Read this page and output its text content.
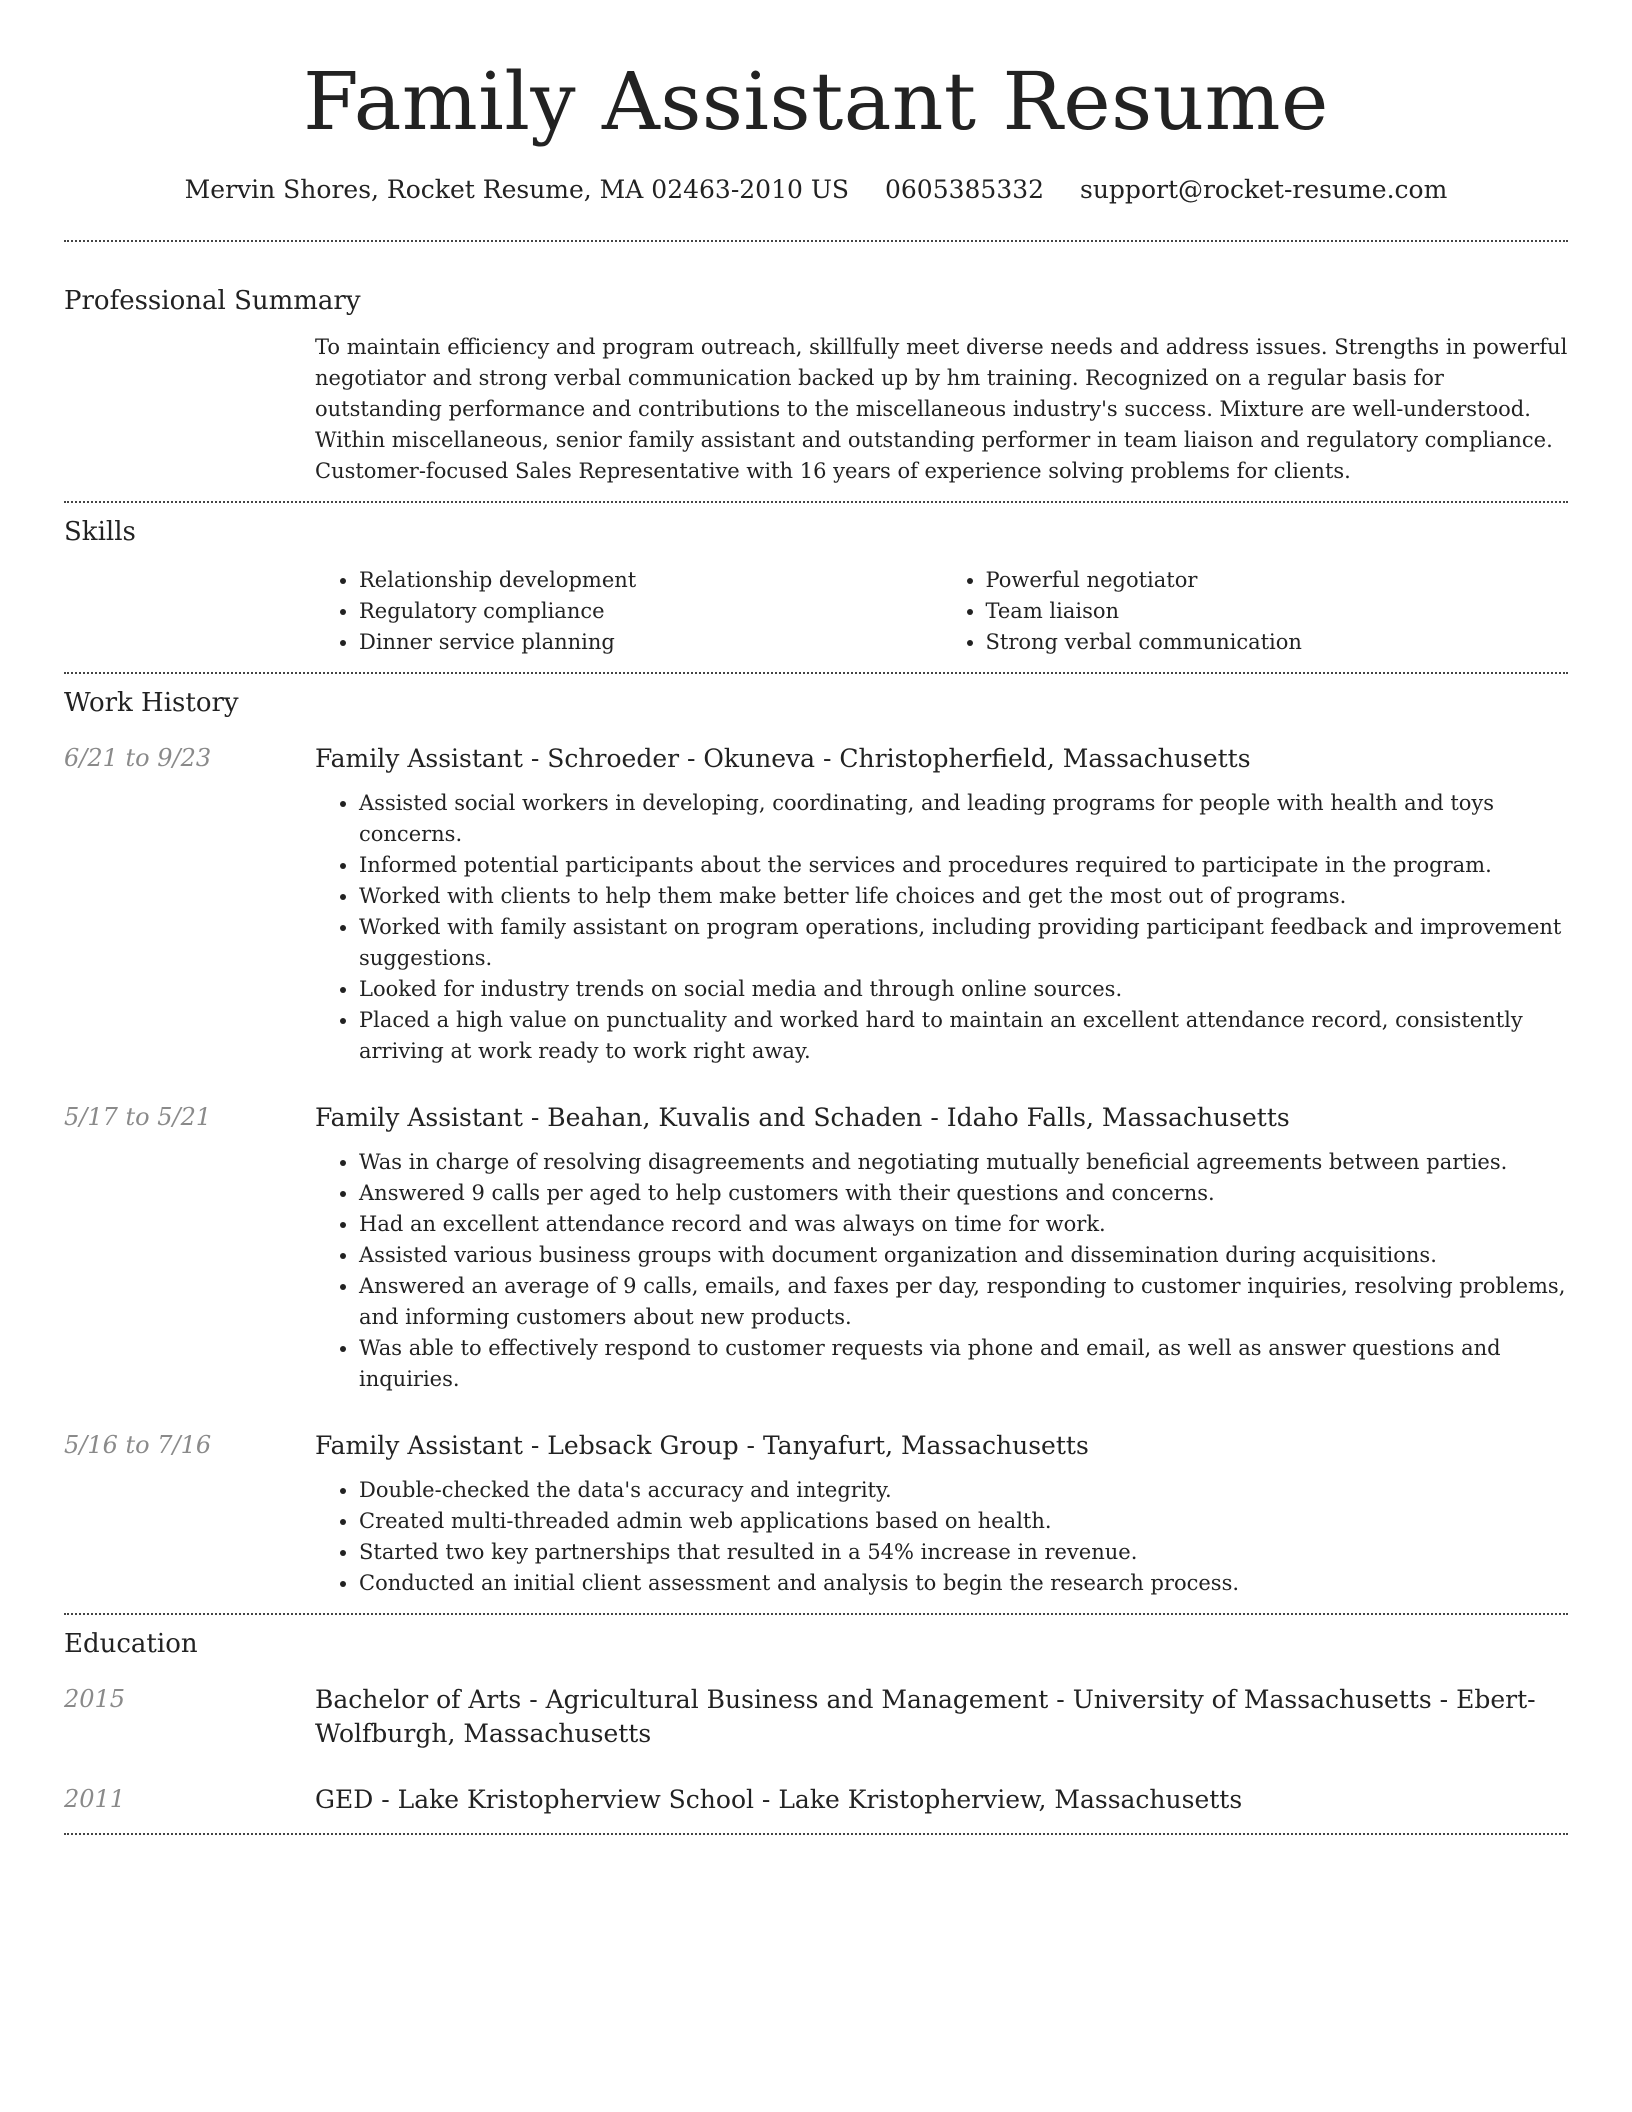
Family Assistant Resume
Mervin Shores, Rocket Resume, MA 02463-2010 US 0605385332 support@rocket-resume.com
Professional Summary

To maintain efficiency and program outreach, skillfully meet diverse needs and address issues. Strengths in powerful negotiator and strong verbal communication backed up by hm training. Recognized on a regular basis for outstanding performance and contributions to the miscellaneous industry's success. Mixture are well-understood. Within miscellaneous, senior family assistant and outstanding performer in team liaison and regulatory compliance. Customer-focused Sales Representative with 16 years of experience solving problems for clients.

Skills
• Relationship development
• Regulatory compliance
• Dinner service planning
• Powerful negotiator
• Team liaison
• Strong verbal communication
Work History
6/21 to 9/23	Family Assistant - Schroeder - Okuneva - Christopherfield, Massachusetts

• Assisted social workers in developing, coordinating, and leading programs for people with health and toys concerns.
• Informed potential participants about the services and procedures required to participate in the program.
• Worked with clients to help them make better life choices and get the most out of programs.
• Worked with family assistant on program operations, including providing participant feedback and improvement suggestions.
• Looked for industry trends on social media and through online sources.
• Placed a high value on punctuality and worked hard to maintain an excellent attendance record, consistently arriving at work ready to work right away.
5/17 to 5/21	Family Assistant - Beahan, Kuvalis and Schaden - Idaho Falls, Massachusetts

• Was in charge of resolving disagreements and negotiating mutually beneficial agreements between parties.
• Answered 9 calls per aged to help customers with their questions and concerns.
• Had an excellent attendance record and was always on time for work.
• Assisted various business groups with document organization and dissemination during acquisitions.
• Answered an average of 9 calls, emails, and faxes per day, responding to customer inquiries, resolving problems, and informing customers about new products.
• Was able to effectively respond to customer requests via phone and email, as well as answer questions and inquiries.
5/16 to 7/16	Family Assistant - Lebsack Group - Tanyafurt, Massachusetts

• Double-checked the data's accuracy and integrity.
• Created multi-threaded admin web applications based on health.
• Started two key partnerships that resulted in a 54% increase in revenue.
• Conducted an initial client assessment and analysis to begin the research process.
Education
2015	Bachelor of Arts - Agricultural Business and Management - University of Massachusetts - Ebert-Wolfburgh, Massachusetts

2011	GED - Lake Kristopherview School - Lake Kristopherview, Massachusetts
